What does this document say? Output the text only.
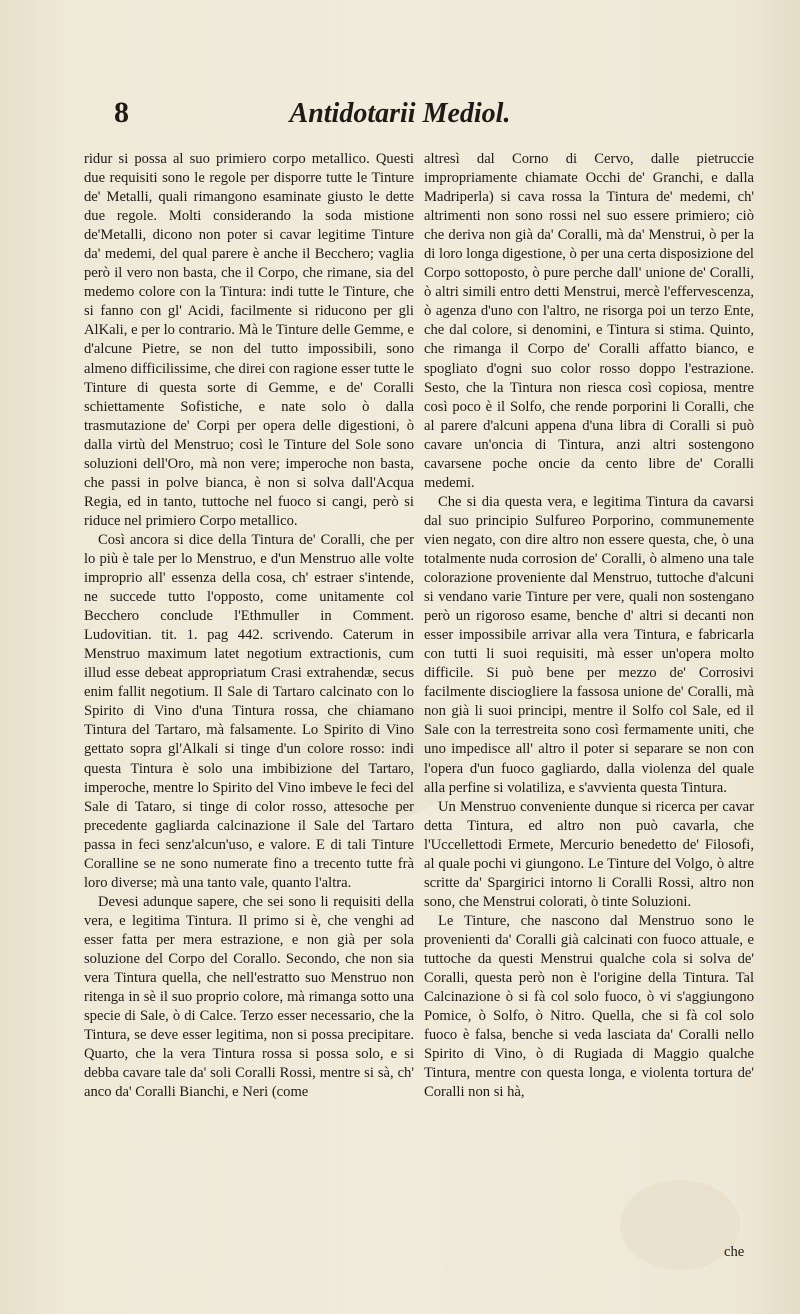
8	Antidotarii Mediol.

ridur si possa al suo primiero corpo metallico. Questi due requisiti sono le regole per disporre tutte le Tinture de' Metalli, quali rimangono esaminate giusto le dette due regole. Molti considerando la soda mistione de'Metalli, dicono non poter si cavar legitime Tinture da' medemi, del qual parere è anche il Becchero; vaglia però il vero non basta, che il Corpo, che rimane, sia del medemo colore con la Tintura: indi tutte le Tinture, che si fanno con gl' Acidi, facilmente si riducono per gli AlKali, e per lo contrario. Mà le Tinture delle Gemme, e d'alcune Pietre, se non del tutto impossibili, sono almeno difficilissime, che direi con ragione esser tutte le Tinture di questa sorte di Gemme, e de' Coralli schiettamente Sofistiche, e nate solo ò dalla trasmutazione de' Corpi per opera delle digestioni, ò dalla virtù del Menstruo; così le Tinture del Sole sono soluzioni dell'Oro, mà non vere; imperoche non basta, che passi in polve bianca, è non si solva dall'Acqua Regia, ed in tanto, tuttoche nel fuoco si cangi, però si riduce nel primiero Corpo metallico.

Così ancora si dice della Tintura de' Coralli, che per lo più è tale per lo Menstruo, e d'un Menstruo alle volte improprio all' essenza della cosa, ch' estraer s'intende, ne succede tutto l'opposto, come unitamente col Becchero conclude l'Ethmuller in Comment. Ludovitian. tit. 1. pag 442. scrivendo. Caterum in Menstruo maximum latet negotium extractionis, cum illud esse debeat appropriatum Crasi extrahendæ, secus enim fallit negotium. Il Sale di Tartaro calcinato con lo Spirito di Vino d'una Tintura rossa, che chiamano Tintura del Tartaro, mà falsamente. Lo Spirito di Vino gettato sopra gl'Alkali si tinge d'un colore rosso: indi questa Tintura è solo una imbibizione del Tartaro, imperoche, mentre lo Spirito del Vino imbeve le feci del Sale di Tataro, si tinge di color rosso, attesoche per precedente gagliarda calcinazione il Sale del Tartaro passa in feci senz'alcun'uso, e valore. E di tali Tinture Coralline se ne sono numerate fino a trecento tutte frà loro diverse; mà una tanto vale, quanto l'altra.

Devesi adunque sapere, che sei sono li requisiti della vera, e legitima Tintura. Il primo si è, che venghi ad esser fatta per mera estrazione, e non già per sola soluzione del Corpo del Corallo. Secondo, che non sia vera Tintura quella, che nell'estratto suo Menstruo non ritenga in sè il suo proprio colore, mà rimanga sotto una specie di Sale, ò di Calce. Terzo esser necessario, che la Tintura, se deve esser legitima, non si possa precipitare. Quarto, che la vera Tintura rossa si possa solo, e si debba cavare tale da' soli Coralli Rossi, mentre si sà, ch' anco da' Coralli Bianchi, e Neri (come

altresì dal Corno di Cervo, dalle pietruccie impropriamente chiamate Occhi de' Granchi, e dalla Madriperla) si cava rossa la Tintura de' medemi, ch' altrimenti non sono rossi nel suo essere primiero; ciò che deriva non già da' Coralli, mà da' Menstrui, ò per la di loro longa digestione, ò per una certa disposizione del Corpo sottoposto, ò pure perche dall' unione de' Coralli, ò altri simili entro detti Menstrui, mercè l'effervescenza, ò agenza d'uno con l'altro, ne risorga poi un terzo Ente, che dal colore, si denomini, e Tintura si stima. Quinto, che rimanga il Corpo de' Coralli affatto bianco, e spogliato d'ogni suo color rosso doppo l'estrazione. Sesto, che la Tintura non riesca così copiosa, mentre così poco è il Solfo, che rende porporini li Coralli, che al parere d'alcuni appena d'una libra di Coralli si può cavare un'oncia di Tintura, anzi altri sostengono cavarsene poche oncie da cento libre de' Coralli medemi.

Che si dia questa vera, e legitima Tintura da cavarsi dal suo principio Sulfureo Porporino, communemente vien negato, con dire altro non essere questa, che, ò una totalmente nuda corrosion de' Coralli, ò almeno una tale colorazione proveniente dal Menstruo, tuttoche d'alcuni si vendano varie Tinture per vere, quali non sostengano però un rigoroso esame, benche d' altri si decanti non esser impossibile arrivar alla vera Tintura, e fabricarla con tutti li suoi requisiti, mà esser un'opera molto difficile. Si può bene per mezzo de' Corrosivi facilmente disciogliere la fassosa unione de' Coralli, mà non già li suoi principi, mentre il Solfo col Sale, ed il Sale con la terrestreita sono così fermamente uniti, che uno impedisce all' altro il poter si separare se non con l'opera d'un fuoco gagliardo, dalla violenza del quale alla perfine si volatiliza, e s'avvienta questa Tintura.

Un Menstruo conveniente dunque si ricerca per cavar detta Tintura, ed altro non può cavarla, che l'Uccellettodi Ermete, Mercurio benedetto de' Filosofi, al quale pochi vi giungono. Le Tinture del Volgo, ò altre scritte da' Spargirici intorno li Coralli Rossi, altro non sono, che Menstrui colorati, ò tinte Soluzioni.

Le Tinture, che nascono dal Menstruo sono le provenienti da' Coralli già calcinati con fuoco attuale, e tuttoche da questi Menstrui qualche cola si solva de' Coralli, questa però non è l'origine della Tintura. Tal Calcinazione ò si fà col solo fuoco, ò vi s'aggiungono Pomice, ò Solfo, ò Nitro. Quella, che si fà col solo fuoco è falsa, benche si veda lasciata da' Coralli nello Spirito di Vino, ò di Rugiada di Maggio qualche Tintura, mentre con questa longa, e violenta tortura de' Coralli non si hà,

che
